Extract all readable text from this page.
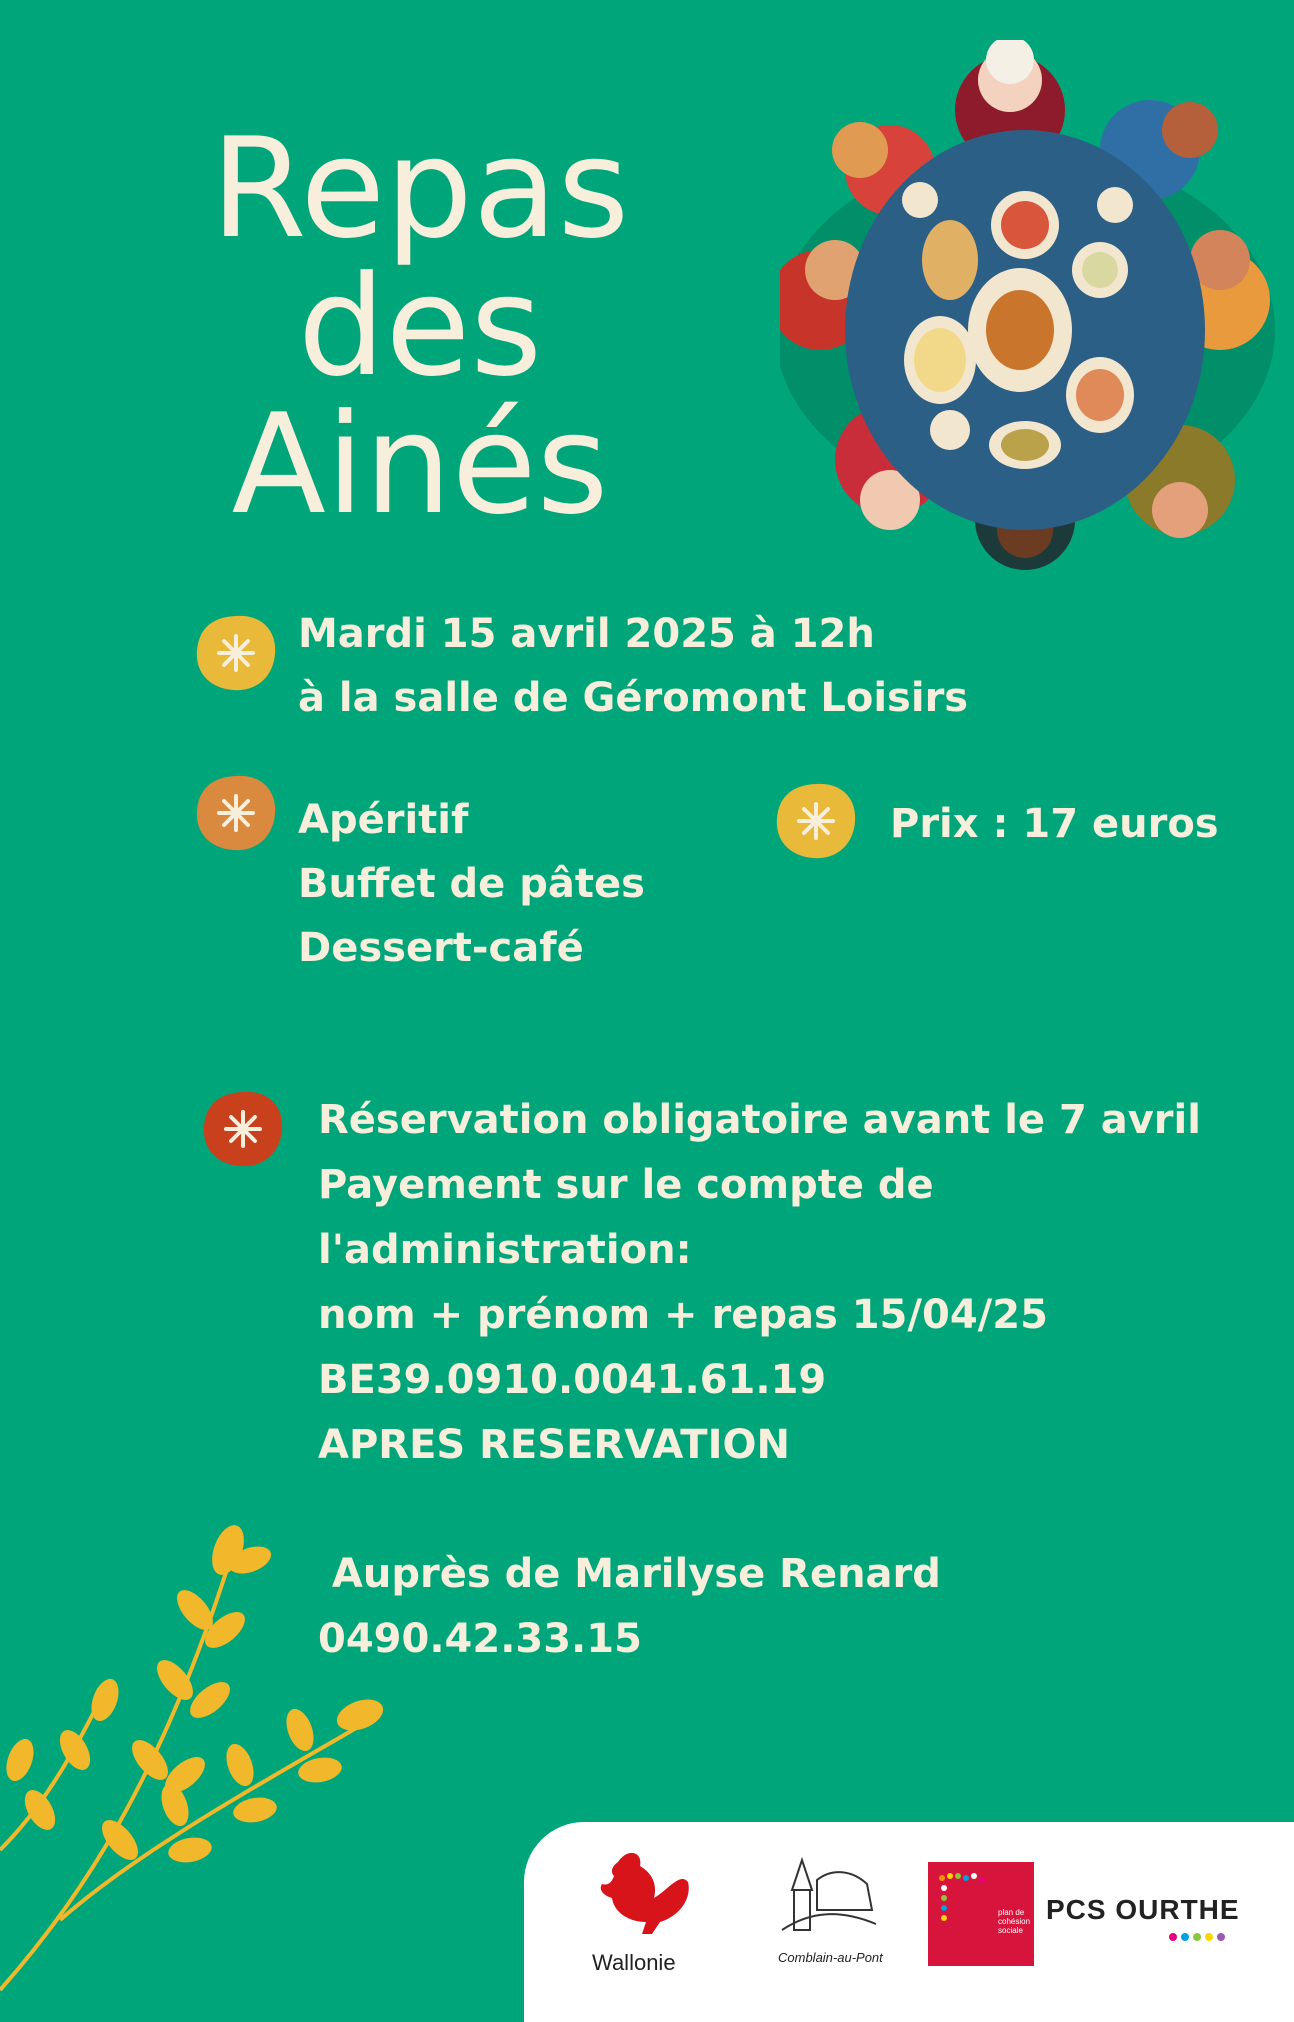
Repas
des
Ainés
Mardi 15 avril 2025 à 12h
à la salle de Géromont Loisirs
Apéritif
Buffet de pâtes
Dessert-café
Prix : 17 euros
Réservation obligatoire avant le 7 avril
Payement sur le compte de
l'administration:
nom + prénom + repas 15/04/25
BE39.0910.0041.61.19
APRES RESERVATION
Auprès de Marilyse Renard
0490.42.33.15
Wallonie	Comblain-au-Pont
plan de cohésion sociale
PCS OURTHE
